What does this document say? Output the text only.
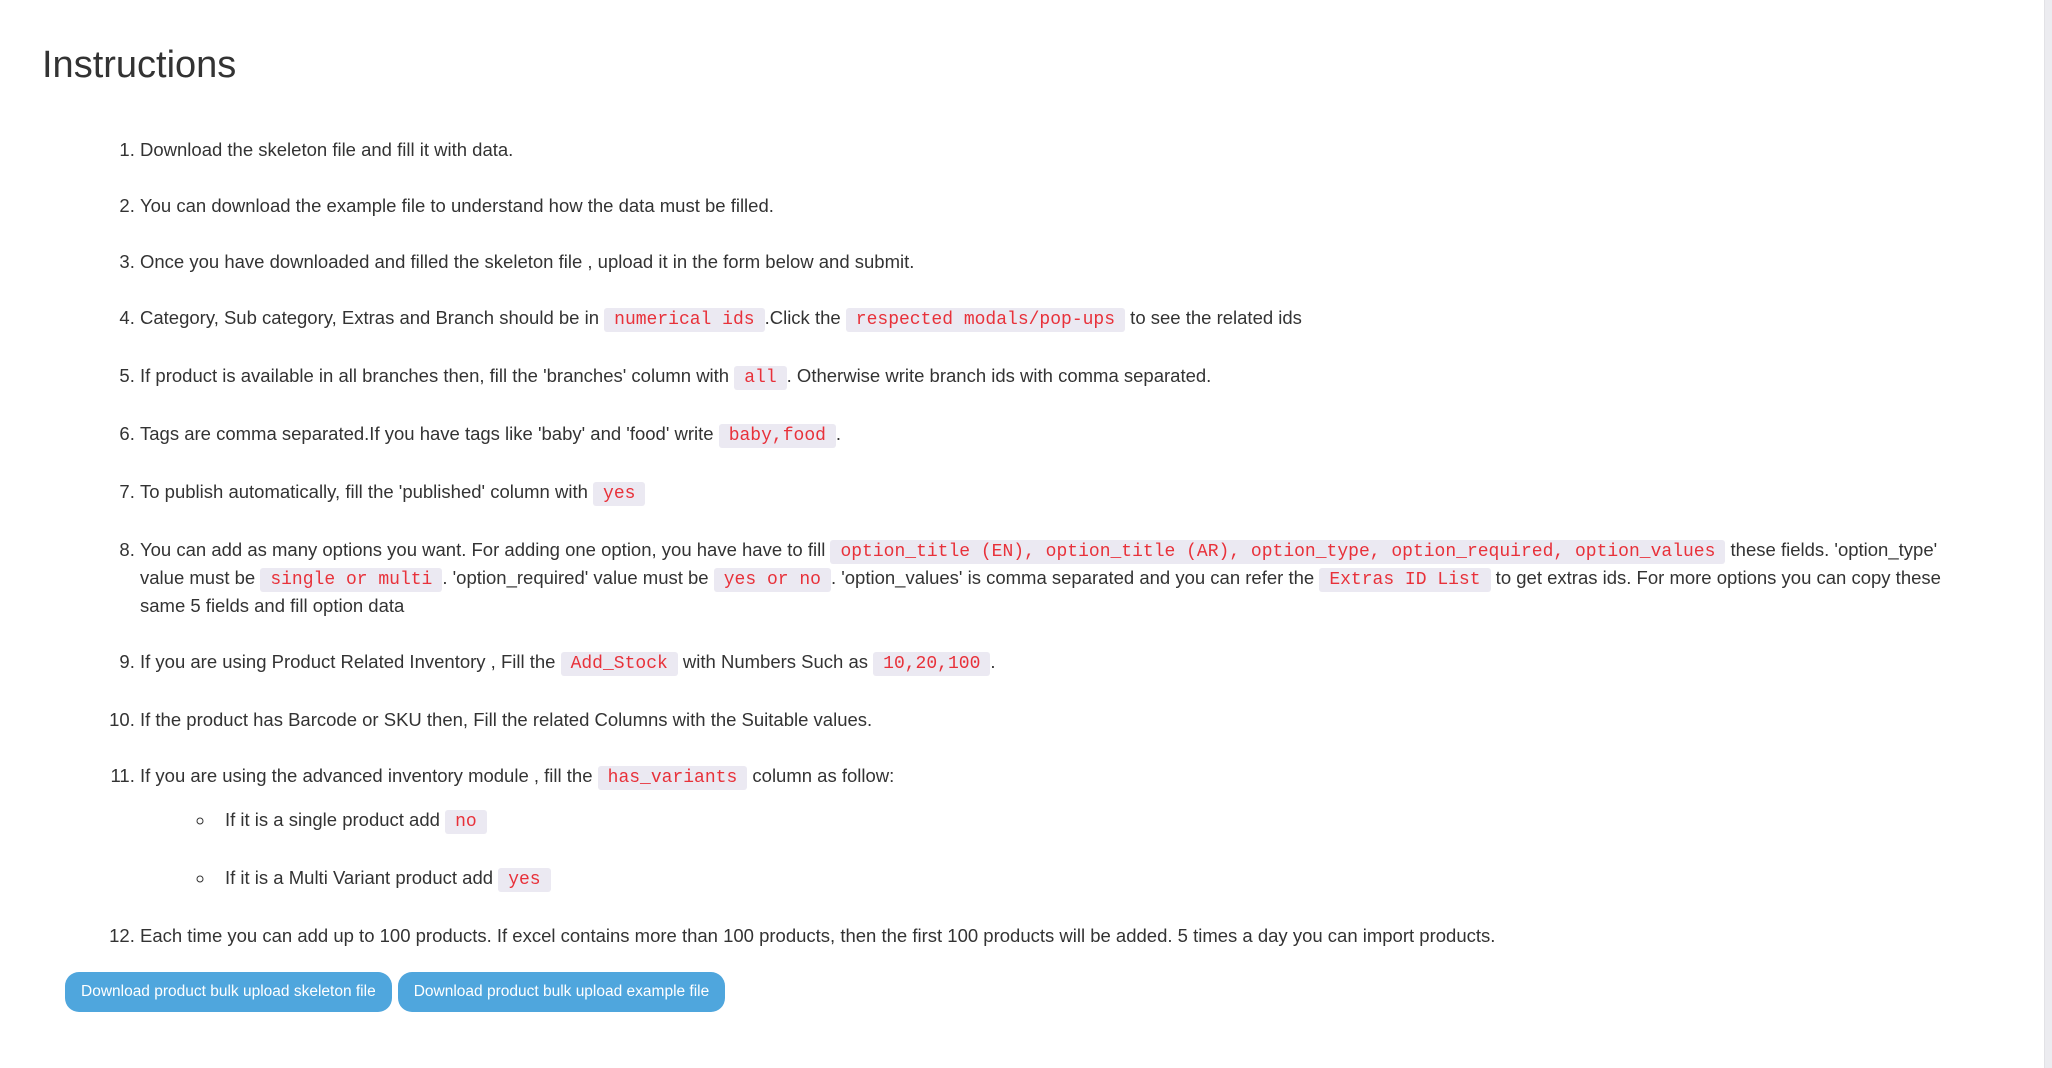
Instructions
1. Download the skeleton file and fill it with data.
2. You can download the example file to understand how the data must be filled.
3. Once you have downloaded and filled the skeleton file , upload it in the form below and submit.
4. Category, Sub category, Extras and Branch should be in numerical ids .Click the respected modals/pop-ups to see the related ids
5. If product is available in all branches then, fill the 'branches' column with all . Otherwise write branch ids with comma separated.
6. Tags are comma separated.If you have tags like 'baby' and 'food' write baby,food .
7. To publish automatically, fill the 'published' column with yes
8. You can add as many options you want. For adding one option, you have have to fill option_title (EN), option_title (AR), option_type, option_required, option_values these fields. 'option_type' value must be single or multi . 'option_required' value must be yes or no . 'option_values' is comma separated and you can refer the Extras ID List to get extras ids. For more options you can copy these same 5 fields and fill option data
9. If you are using Product Related Inventory , Fill the Add_Stock with Numbers Such as 10,20,100 .
10. If the product has Barcode or SKU then, Fill the related Columns with the Suitable values.
11. If you are using the advanced inventory module , fill the has_variants column as follow:
◦ If it is a single product add no
◦ If it is a Multi Variant product add yes
12. Each time you can add up to 100 products. If excel contains more than 100 products, then the first 100 products will be added. 5 times a day you can import products.
Download product bulk upload skeleton file	Download product bulk upload example file
